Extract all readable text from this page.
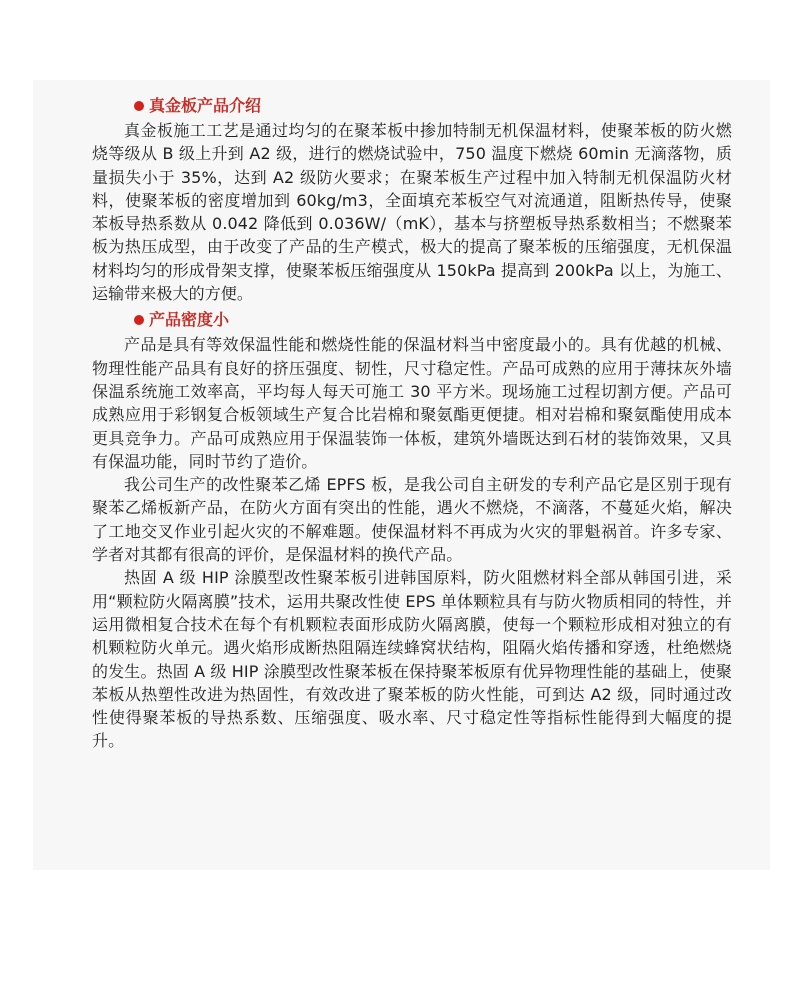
真金板产品介绍

真金板施工工艺是通过均匀的在聚苯板中掺加特制无机保温材料，使聚苯板的防火燃烧等级从 B 级上升到 A2 级，进行的燃烧试验中，750 温度下燃烧 60min 无滴落物，质量损失小于 35%，达到 A2 级防火要求；在聚苯板生产过程中加入特制无机保温防火材料，使聚苯板的密度增加到 60kg/m3，全面填充苯板空气对流通道，阻断热传导，使聚苯板导热系数从 0.042 降低到 0.036W/（mK），基本与挤塑板导热系数相当；不燃聚苯板为热压成型，由于改变了产品的生产模式，极大的提高了聚苯板的压缩强度，无机保温材料均匀的形成骨架支撑，使聚苯板压缩强度从 150kPa 提高到 200kPa 以上，为施工、运输带来极大的方便。

产品密度小

产品是具有等效保温性能和燃烧性能的保温材料当中密度最小的。具有优越的机械、物理性能产品具有良好的挤压强度、韧性，尺寸稳定性。产品可成熟的应用于薄抹灰外墙保温系统施工效率高，平均每人每天可施工 30 平方米。现场施工过程切割方便。产品可成熟应用于彩钢复合板领域生产复合比岩棉和聚氨酯更便捷。相对岩棉和聚氨酯使用成本更具竞争力。产品可成熟应用于保温装饰一体板，建筑外墙既达到石材的装饰效果，又具有保温功能，同时节约了造价。

我公司生产的改性聚苯乙烯 EPFS 板，是我公司自主研发的专利产品它是区别于现有聚苯乙烯板新产品，在防火方面有突出的性能，遇火不燃烧，不滴落，不蔓延火焰，解决了工地交叉作业引起火灾的不解难题。使保温材料不再成为火灾的罪魁祸首。许多专家、学者对其都有很高的评价，是保温材料的换代产品。

热固 A 级 HIP 涂膜型改性聚苯板引进韩国原料，防火阻燃材料全部从韩国引进，采用“颗粒防火隔离膜”技术，运用共聚改性使 EPS 单体颗粒具有与防火物质相同的特性，并运用微相复合技术在每个有机颗粒表面形成防火隔离膜，使每一个颗粒形成相对独立的有机颗粒防火单元。遇火焰形成断热阻隔连续蜂窝状结构，阻隔火焰传播和穿透，杜绝燃烧的发生。热固 A 级 HIP 涂膜型改性聚苯板在保持聚苯板原有优异物理性能的基础上，使聚苯板从热塑性改进为热固性，有效改进了聚苯板的防火性能，可到达 A2 级，同时通过改性使得聚苯板的导热系数、压缩强度、吸水率、尺寸稳定性等指标性能得到大幅度的提升。
